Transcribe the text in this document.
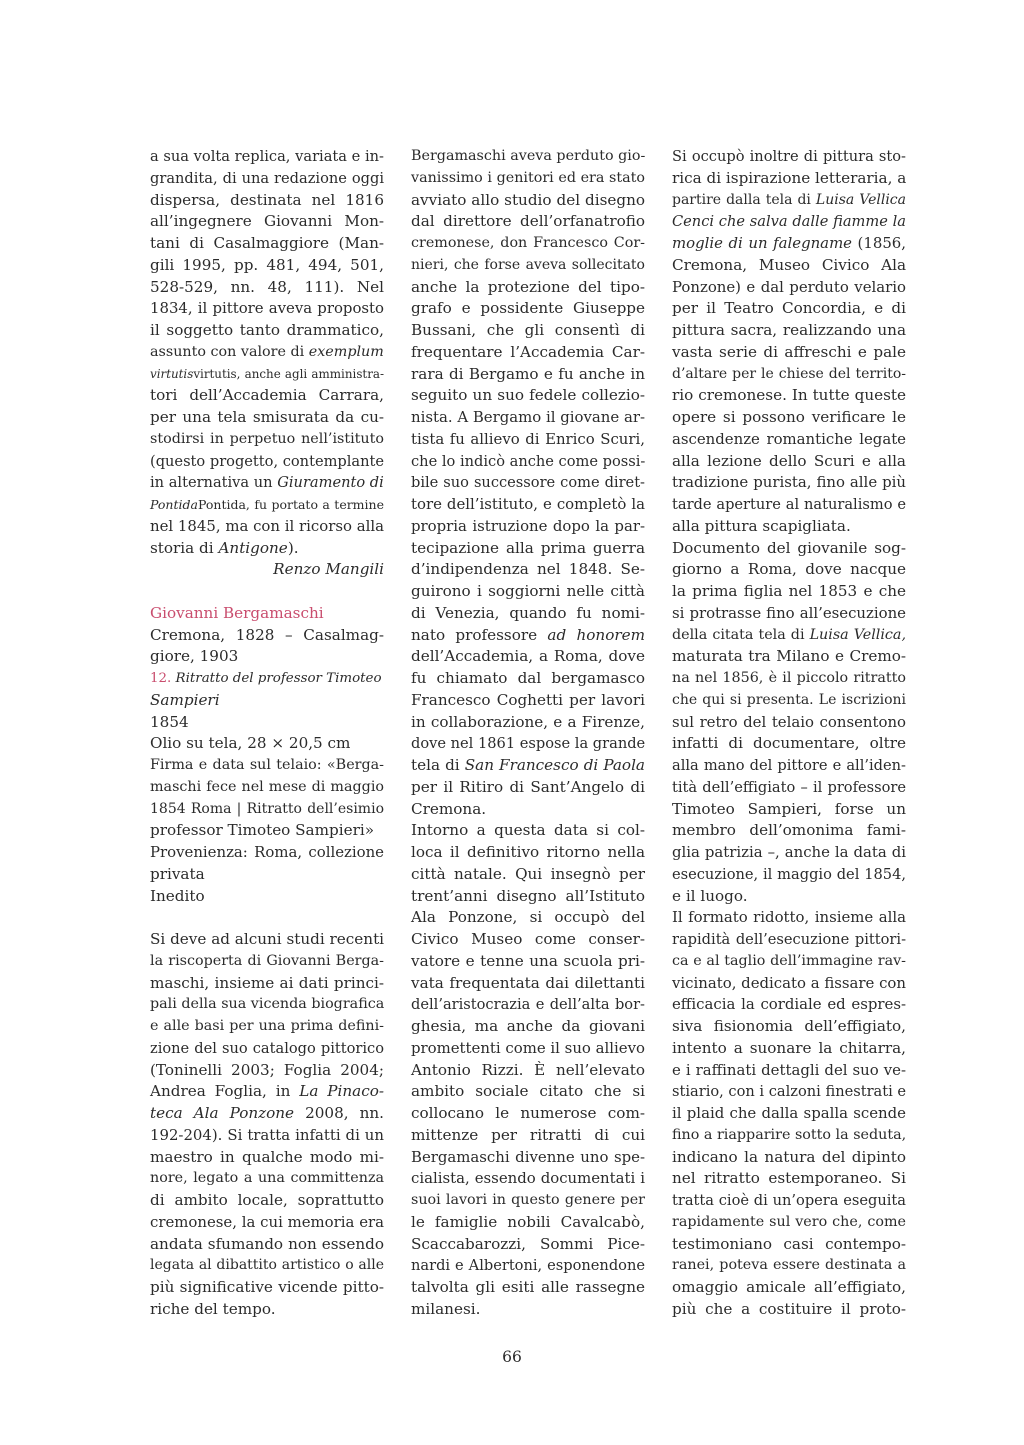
a sua volta replica, variata e in-
grandita, di una redazione oggi
dispersa, destinata nel 1816
all’ingegnere Giovanni Mon-
tani di Casalmaggiore (Man-
gili 1995, pp. 481, 494, 501,
528-529, nn. 48, 111). Nel
1834, il pittore aveva proposto
il soggetto tanto drammatico,
assunto con valore di exemplum
virtutisvirtutis, anche agli amministra-
tori dell’Accademia Carrara,
per una tela smisurata da cu-
stodirsi in perpetuo nell’istituto
(questo progetto, contemplante
in alternativa un Giuramento di
PontidaPontida, fu portato a termine
nel 1845, ma con il ricorso alla
storia di Antigone).
Renzo Mangili
Giovanni Bergamaschi
Cremona, 1828 – Casalmag-
giore, 1903
12. Ritratto del professor Timoteo
Sampieri
1854
Olio su tela, 28 × 20,5 cm
Firma e data sul telaio: «Berga-
maschi fece nel mese di maggio
1854 Roma | Ritratto dell’esimio
professor Timoteo Sampieri»
Provenienza: Roma, collezione
privata
Inedito
Si deve ad alcuni studi recenti
la riscoperta di Giovanni Berga-
maschi, insieme ai dati princi-
pali della sua vicenda biografica
e alle basi per una prima defini-
zione del suo catalogo pittorico
(Toninelli 2003; Foglia 2004;
Andrea Foglia, in La Pinaco-
teca Ala Ponzone 2008, nn.
192-204). Si tratta infatti di un
maestro in qualche modo mi-
nore, legato a una committenza
di ambito locale, soprattutto
cremonese, la cui memoria era
andata sfumando non essendo
legata al dibattito artistico o alle
più significative vicende pitto-
riche del tempo.
Bergamaschi aveva perduto gio-
vanissimo i genitori ed era stato
avviato allo studio del disegno
dal direttore dell’orfanatrofio
cremonese, don Francesco Cor-
nieri, che forse aveva sollecitato
anche la protezione del tipo-
grafo e possidente Giuseppe
Bussani, che gli consentì di
frequentare l’Accademia Car-
rara di Bergamo e fu anche in
seguito un suo fedele collezio-
nista. A Bergamo il giovane ar-
tista fu allievo di Enrico Scuri,
che lo indicò anche come possi-
bile suo successore come diret-
tore dell’istituto, e completò la
propria istruzione dopo la par-
tecipazione alla prima guerra
d’indipendenza nel 1848. Se-
guirono i soggiorni nelle città
di Venezia, quando fu nomi-
nato professore ad honorem
dell’Accademia, a Roma, dove
fu chiamato dal bergamasco
Francesco Coghetti per lavori
in collaborazione, e a Firenze,
dove nel 1861 espose la grande
tela di San Francesco di Paola
per il Ritiro di Sant’Angelo di
Cremona.
Intorno a questa data si col-
loca il definitivo ritorno nella
città natale. Qui insegnò per
trent’anni disegno all’Istituto
Ala Ponzone, si occupò del
Civico Museo come conser-
vatore e tenne una scuola pri-
vata frequentata dai dilettanti
dell’aristocrazia e dell’alta bor-
ghesia, ma anche da giovani
promettenti come il suo allievo
Antonio Rizzi. È nell’elevato
ambito sociale citato che si
collocano le numerose com-
mittenze per ritratti di cui
Bergamaschi divenne uno spe-
cialista, essendo documentati i
suoi lavori in questo genere per
le famiglie nobili Cavalcabò,
Scaccabarozzi, Sommi Pice-
nardi e Albertoni, esponendone
talvolta gli esiti alle rassegne
milanesi.
Si occupò inoltre di pittura sto-
rica di ispirazione letteraria, a
partire dalla tela di Luisa Vellica
Cenci che salva dalle fiamme la
moglie di un falegname (1856,
Cremona, Museo Civico Ala
Ponzone) e dal perduto velario
per il Teatro Concordia, e di
pittura sacra, realizzando una
vasta serie di affreschi e pale
d’altare per le chiese del territo-
rio cremonese. In tutte queste
opere si possono verificare le
ascendenze romantiche legate
alla lezione dello Scuri e alla
tradizione purista, fino alle più
tarde aperture al naturalismo e
alla pittura scapigliata.
Documento del giovanile sog-
giorno a Roma, dove nacque
la prima figlia nel 1853 e che
si protrasse fino all’esecuzione
della citata tela di Luisa Vellica,
maturata tra Milano e Cremo-
na nel 1856, è il piccolo ritratto
che qui si presenta. Le iscrizioni
sul retro del telaio consentono
infatti di documentare, oltre
alla mano del pittore e all’iden-
tità dell’effigiato – il professore
Timoteo Sampieri, forse un
membro dell’omonima fami-
glia patrizia –, anche la data di
esecuzione, il maggio del 1854,
e il luogo.
Il formato ridotto, insieme alla
rapidità dell’esecuzione pittori-
ca e al taglio dell’immagine rav-
vicinato, dedicato a fissare con
efficacia la cordiale ed espres-
siva fisionomia dell’effigiato,
intento a suonare la chitarra,
e i raffinati dettagli del suo ve-
stiario, con i calzoni finestrati e
il plaid che dalla spalla scende
fino a riapparire sotto la seduta,
indicano la natura del dipinto
nel ritratto estemporaneo. Si
tratta cioè di un’opera eseguita
rapidamente sul vero che, come
testimoniano casi contempo-
ranei, poteva essere destinata a
omaggio amicale all’effigiato,
più che a costituire il proto-
66
